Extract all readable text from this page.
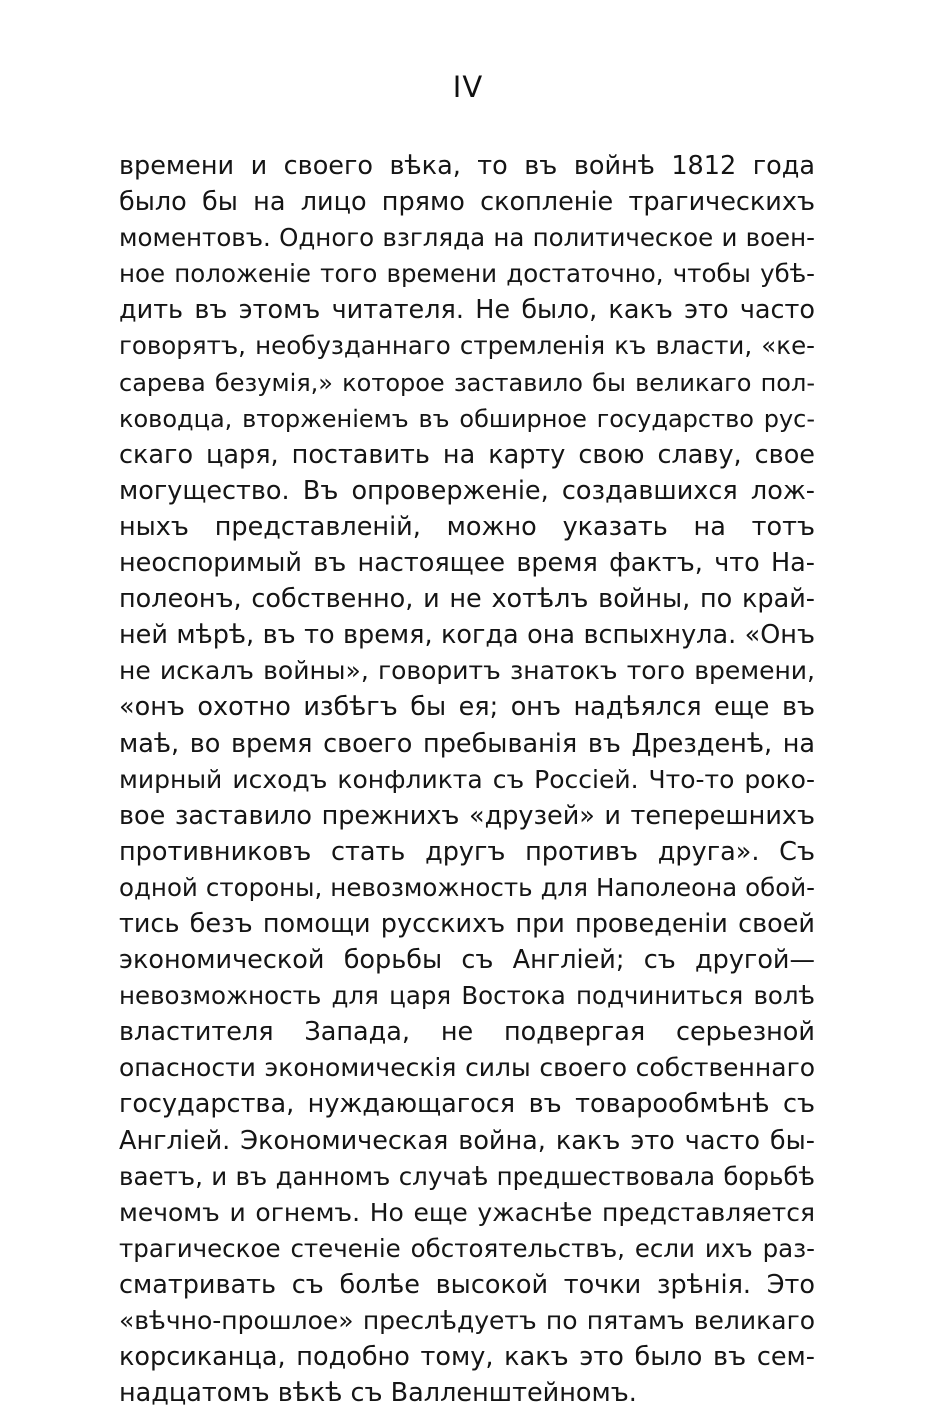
IV
времени и своего вѣка, то въ войнѣ 1812 года
было бы на лицо прямо скопленіе трагическихъ
моментовъ. Одного взгляда на политическое и воен-
ное положеніе того времени достаточно, чтобы убѣ-
дить въ этомъ читателя. Не было, какъ это часто
говорятъ, необузданнаго стремленія къ власти, «ке-
сарева безумія,» которое заставило бы великаго пол-
ководца, вторженіемъ въ обширное государство рус-
скаго царя, поставить на карту свою славу, свое
могущество. Въ опроверженіе, создавшихся лож-
ныхъ представленій, можно указать на тотъ
неоспоримый въ настоящее время фактъ, что На-
полеонъ, собственно, и не хотѣлъ войны, по край-
ней мѣрѣ, въ то время, когда она вспыхнула. «Онъ
не искалъ войны», говоритъ знатокъ того времени,
«онъ охотно избѣгъ бы ея; онъ надѣялся еще въ
маѣ, во время своего пребыванія въ Дрезденѣ, на
мирный исходъ конфликта съ Россіей. Что-то роко-
вое заставило прежнихъ «друзей» и теперешнихъ
противниковъ стать другъ противъ друга». Съ
одной стороны, невозможность для Наполеона обой-
тись безъ помощи русскихъ при проведеніи своей
экономической борьбы съ Англіей; съ другой—
невозможность для царя Востока подчиниться волѣ
властителя Запада, не подвергая серьезной
опасности экономическія силы своего собственнаго
государства, нуждающагося въ товарообмѣнѣ съ
Англіей. Экономическая война, какъ это часто бы-
ваетъ, и въ данномъ случаѣ предшествовала борьбѣ
мечомъ и огнемъ. Но еще ужаснѣе представляется
трагическое стеченіе обстоятельствъ, если ихъ раз-
сматривать съ болѣе высокой точки зрѣнія. Это
«вѣчно-прошлое» преслѣдуетъ по пятамъ великаго
корсиканца, подобно тому, какъ это было въ сем-
надцатомъ вѣкѣ съ Валленштейномъ.
